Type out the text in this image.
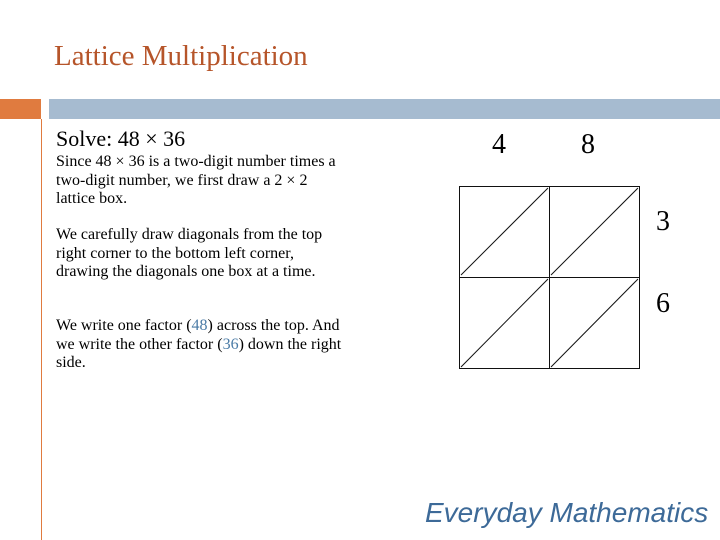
Lattice Multiplication
Solve: 48 × 36
Since 48 × 36 is a two-digit number times a two-digit number, we first draw a 2 × 2 lattice box.
We carefully draw diagonals from the top right corner to the bottom left corner, drawing the diagonals one box at a time.
We write one factor (48) across the top. And we write the other factor (36) down the right side.
4	8
3
6
Everyday Mathematics
